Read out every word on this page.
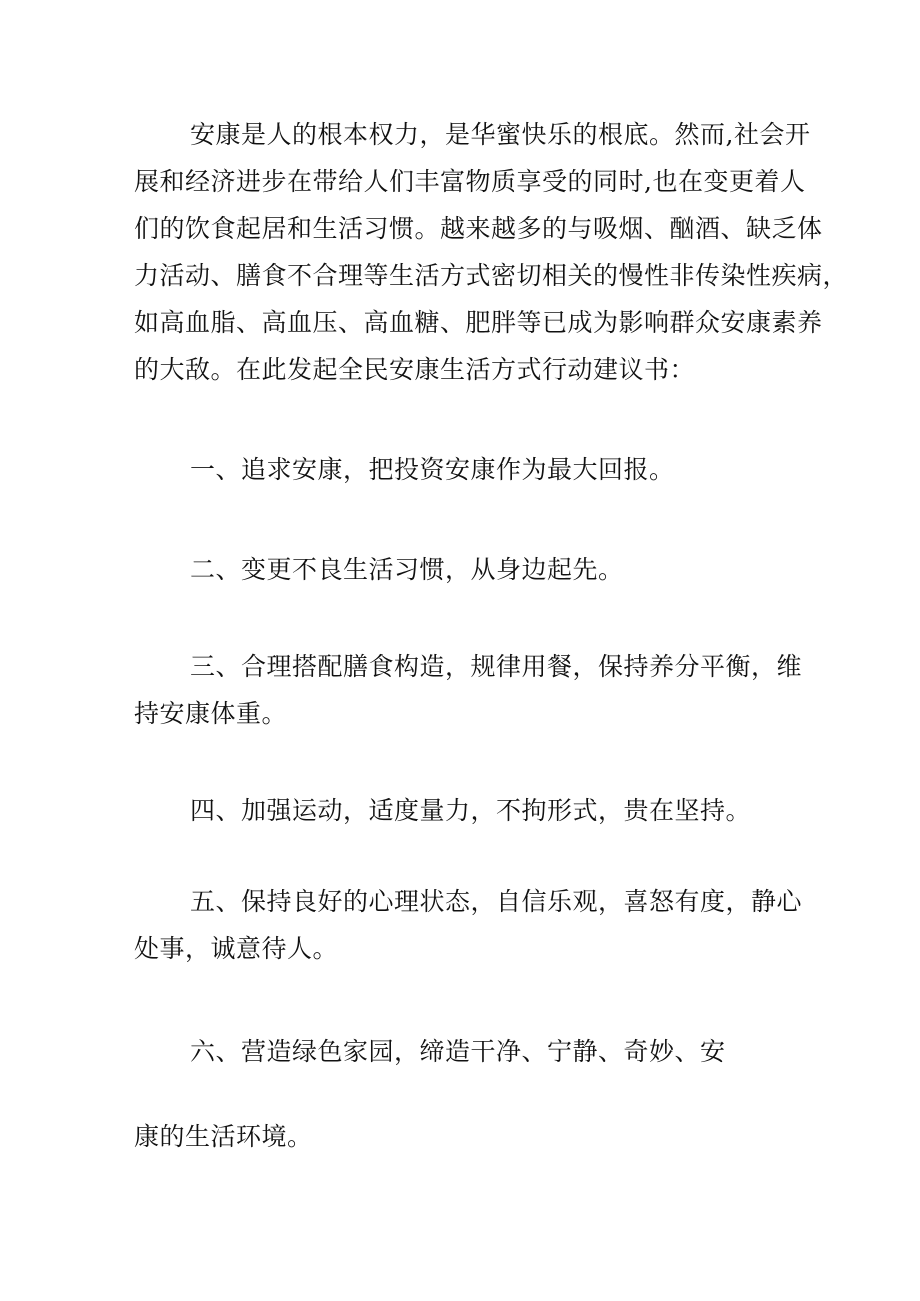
安康是人的根本权力，是华蜜快乐的根底。然而,社会开
展和经济进步在带给人们丰富物质享受的同时,也在变更着人
们的饮食起居和生活习惯。越来越多的与吸烟、酗酒、缺乏体
力活动、膳食不合理等生活方式密切相关的慢性非传染性疾病，
如高血脂、高血压、高血糖、肥胖等已成为影响群众安康素养
的大敌。在此发起全民安康生活方式行动建议书：
一、追求安康，把投资安康作为最大回报。
二、变更不良生活习惯，从身边起先。
三、合理搭配膳食构造，规律用餐，保持养分平衡，维
持安康体重。
四、加强运动，适度量力，不拘形式，贵在坚持。
五、保持良好的心理状态，自信乐观，喜怒有度，静心
处事，诚意待人。
六、营造绿色家园，缔造干净、宁静、奇妙、安
康的生活环境。
